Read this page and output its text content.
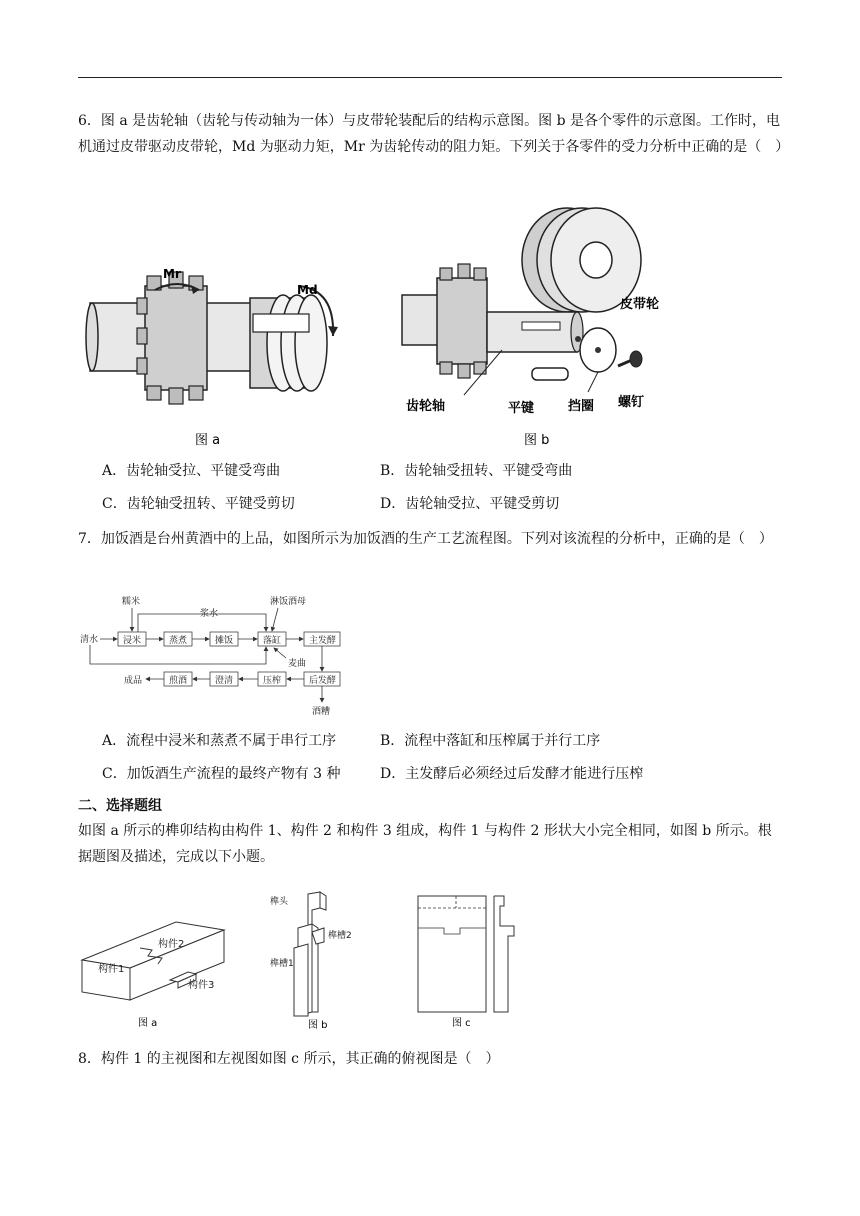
6．图 a 是齿轮轴（齿轮与传动轴为一体）与皮带轮装配后的结构示意图。图 b 是各个零件的示意图。工作时，电机通过皮带驱动皮带轮，Md 为驱动力矩，Mr 为齿轮传动的阻力矩。下列关于各零件的受力分析中正确的是（　）

Mr
Md
图 a
皮带轮
齿轮轴	平键	挡圈 螺钉
图 b
A．齿轮轴受拉、平键受弯曲	B．齿轮轴受扭转、平键受弯曲
C．齿轮轴受扭转、平键受剪切	D．齿轮轴受拉、平键受剪切

7．加饭酒是台州黄酒中的上品，如图所示为加饭酒的生产工艺流程图。下列对该流程的分析中，正确的是（　）

糯米
浆水
淋饭酒母
清水
麦曲
成品
酒糟
浸米	蒸煮	摊饭	落缸	主发酵
后发酵
压榨
澄清
煎酒
A．流程中浸米和蒸煮不属于串行工序	B．流程中落缸和压榨属于并行工序
C．加饭酒生产流程的最终产物有 3 种	D．主发酵后必须经过后发酵才能进行压榨
二、选择题组

如图 a 所示的榫卯结构由构件 1、构件 2 和构件 3 组成，构件 1 与构件 2 形状大小完全相同，如图 b 所示。根据题图及描述，完成以下小题。

构件1
构件2
构件3
图 a
榫头
榫槽2
榫槽1
图 b	图 c

8．构件 1 的主视图和左视图如图 c 所示，其正确的俯视图是（　）
